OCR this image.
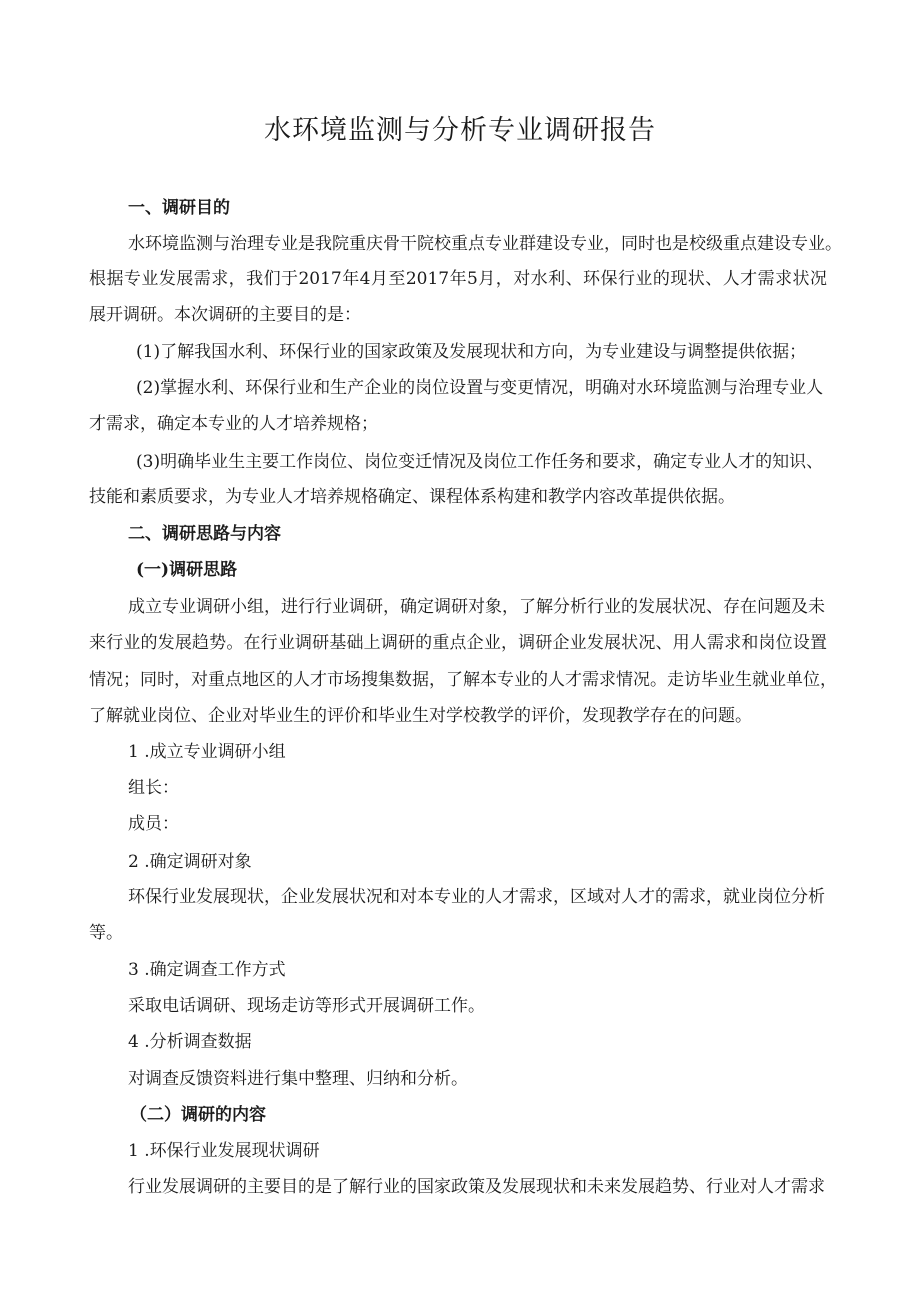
水环境监测与分析专业调研报告

一、调研目的

水环境监测与治理专业是我院重庆骨干院校重点专业群建设专业，同时也是校级重点建设专业。

根据专业发展需求，我们于2017年4月至2017年5月，对水利、环保行业的现状、人才需求状况

展开调研。本次调研的主要目的是：

(1)了解我国水利、环保行业的国家政策及发展现状和方向，为专业建设与调整提供依据；

(2)掌握水利、环保行业和生产企业的岗位设置与变更情况，明确对水环境监测与治理专业人

才需求，确定本专业的人才培养规格；

(3)明确毕业生主要工作岗位、岗位变迁情况及岗位工作任务和要求，确定专业人才的知识、

技能和素质要求，为专业人才培养规格确定、课程体系构建和教学内容改革提供依据。

二、调研思路与内容

(一)调研思路

成立专业调研小组，进行行业调研，确定调研对象，了解分析行业的发展状况、存在问题及未

来行业的发展趋势。在行业调研基础上调研的重点企业，调研企业发展状况、用人需求和岗位设置

情况；同时，对重点地区的人才市场搜集数据，了解本专业的人才需求情况。走访毕业生就业单位，

了解就业岗位、企业对毕业生的评价和毕业生对学校教学的评价，发现教学存在的问题。

1 .成立专业调研小组

组长：

成员：

2 .确定调研对象

环保行业发展现状，企业发展状况和对本专业的人才需求，区域对人才的需求，就业岗位分析

等。

3 .确定调查工作方式

采取电话调研、现场走访等形式开展调研工作。

4 .分析调查数据

对调查反馈资料进行集中整理、归纳和分析。

（二）调研的内容

1 .环保行业发展现状调研

行业发展调研的主要目的是了解行业的国家政策及发展现状和未来发展趋势、行业对人才需求
